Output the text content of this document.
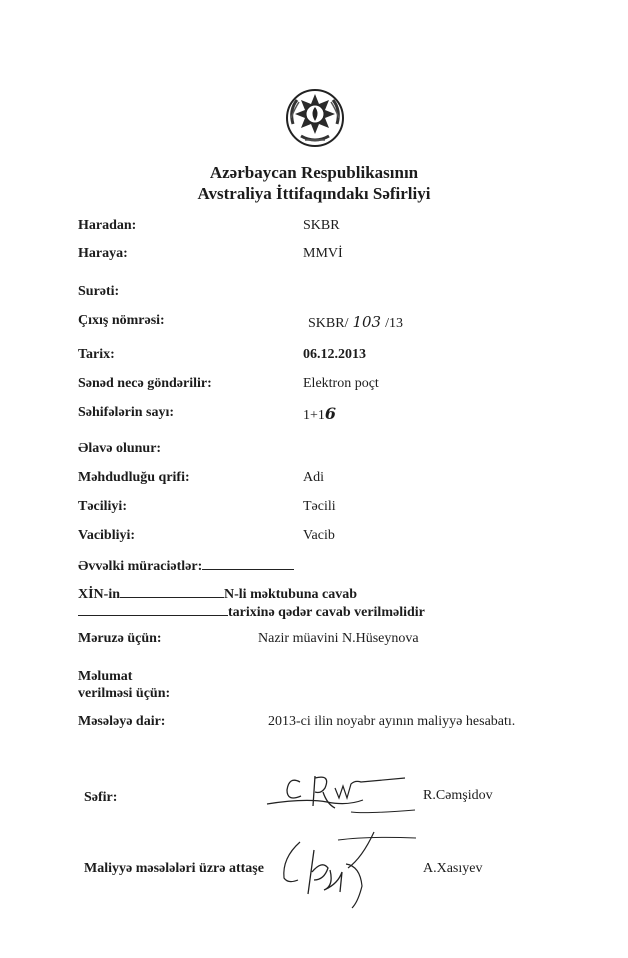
Azərbaycan Respublikasının
Avstraliya İttifaqındakı Səfirliyi
Haradan:	SKBR
Haraya:	MMVİ
Surəti:
Çıxış nömrəsi:	SKBR/ 103 /13
Tarix:	06.12.2013
Sənəd necə göndərilir:	Elektron poçt
Səhifələrin sayı:	1+16
Əlavə olunur:
Məhdudluğu qrifi:	Adi
Təciliyi:	Təcili
Vacibliyi:	Vacib
Əvvəlki müraciətlər:
XİN-in	N-li məktubuna cavab
tarixinə qədər cavab verilməlidir
Məruzə üçün:	Nazir müavini N.Hüseynova
Məlumat
verilməsi üçün:
Məsələyə dair:	2013-ci ilin noyabr ayının maliyyə hesabatı.
Səfir:	R.Cəmşidov
Maliyyə məsələləri üzrə attaşe	A.Xasıyev
